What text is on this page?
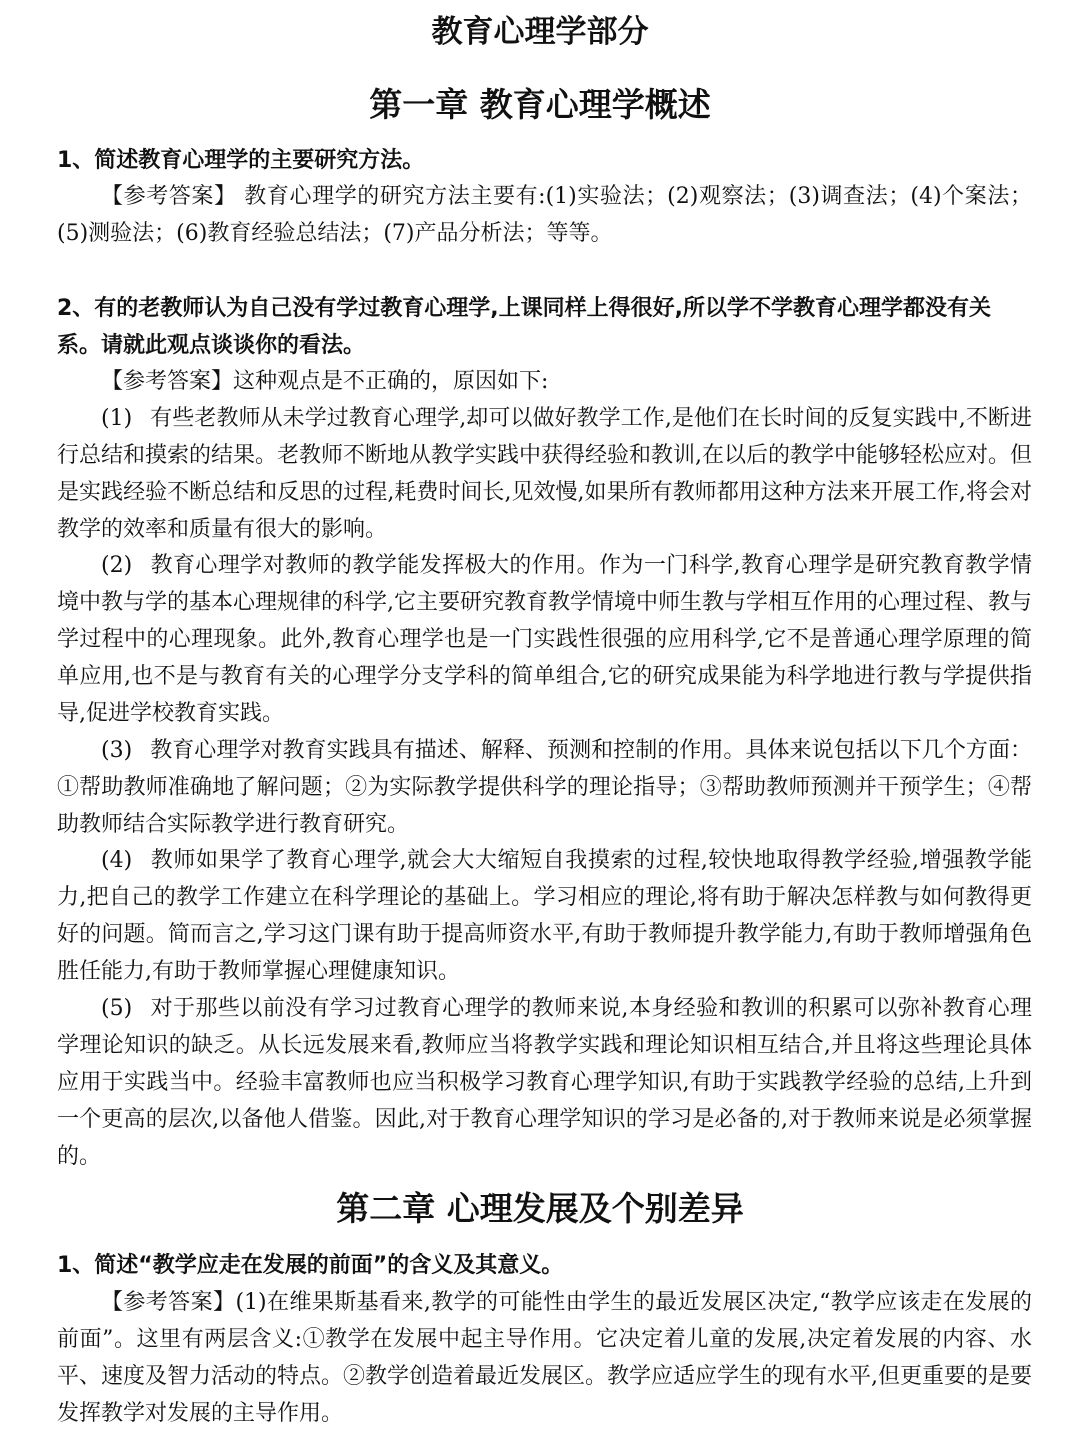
教育心理学部分
第一章 教育心理学概述
1、简述教育心理学的主要研究方法。
【参考答案】 教育心理学的研究方法主要有:(1)实验法；(2)观察法；(3)调查法；(4)个案法；(5)测验法；(6)教育经验总结法；(7)产品分析法；等等。
2、有的老教师认为自己没有学过教育心理学,上课同样上得很好,所以学不学教育心理学都没有关系。请就此观点谈谈你的看法。
【参考答案】这种观点是不正确的，原因如下:
(1) 有些老教师从未学过教育心理学,却可以做好教学工作,是他们在长时间的反复实践中,不断进行总结和摸索的结果。老教师不断地从教学实践中获得经验和教训,在以后的教学中能够轻松应对。但是实践经验不断总结和反思的过程,耗费时间长,见效慢,如果所有教师都用这种方法来开展工作,将会对教学的效率和质量有很大的影响。
(2) 教育心理学对教师的教学能发挥极大的作用。作为一门科学,教育心理学是研究教育教学情境中教与学的基本心理规律的科学,它主要研究教育教学情境中师生教与学相互作用的心理过程、教与学过程中的心理现象。此外,教育心理学也是一门实践性很强的应用科学,它不是普通心理学原理的简单应用,也不是与教育有关的心理学分支学科的简单组合,它的研究成果能为科学地进行教与学提供指导,促进学校教育实践。
(3) 教育心理学对教育实践具有描述、解释、预测和控制的作用。具体来说包括以下几个方面：①帮助教师准确地了解问题；②为实际教学提供科学的理论指导；③帮助教师预测并干预学生；④帮助教师结合实际教学进行教育研究。
(4) 教师如果学了教育心理学,就会大大缩短自我摸索的过程,较快地取得教学经验,增强教学能力,把自己的教学工作建立在科学理论的基础上。学习相应的理论,将有助于解决怎样教与如何教得更好的问题。简而言之,学习这门课有助于提高师资水平,有助于教师提升教学能力,有助于教师增强角色胜任能力,有助于教师掌握心理健康知识。
(5) 对于那些以前没有学习过教育心理学的教师来说,本身经验和教训的积累可以弥补教育心理学理论知识的缺乏。从长远发展来看,教师应当将教学实践和理论知识相互结合,并且将这些理论具体应用于实践当中。经验丰富教师也应当积极学习教育心理学知识,有助于实践教学经验的总结,上升到一个更高的层次,以备他人借鉴。因此,对于教育心理学知识的学习是必备的,对于教师来说是必须掌握的。
第二章 心理发展及个别差异
1、简述“教学应走在发展的前面”的含义及其意义。
【参考答案】(1)在维果斯基看来,教学的可能性由学生的最近发展区决定,“教学应该走在发展的前面”。这里有两层含义:①教学在发展中起主导作用。它决定着儿童的发展,决定着发展的内容、水平、速度及智力活动的特点。②教学创造着最近发展区。教学应适应学生的现有水平,但更重要的是要发挥教学对发展的主导作用。
